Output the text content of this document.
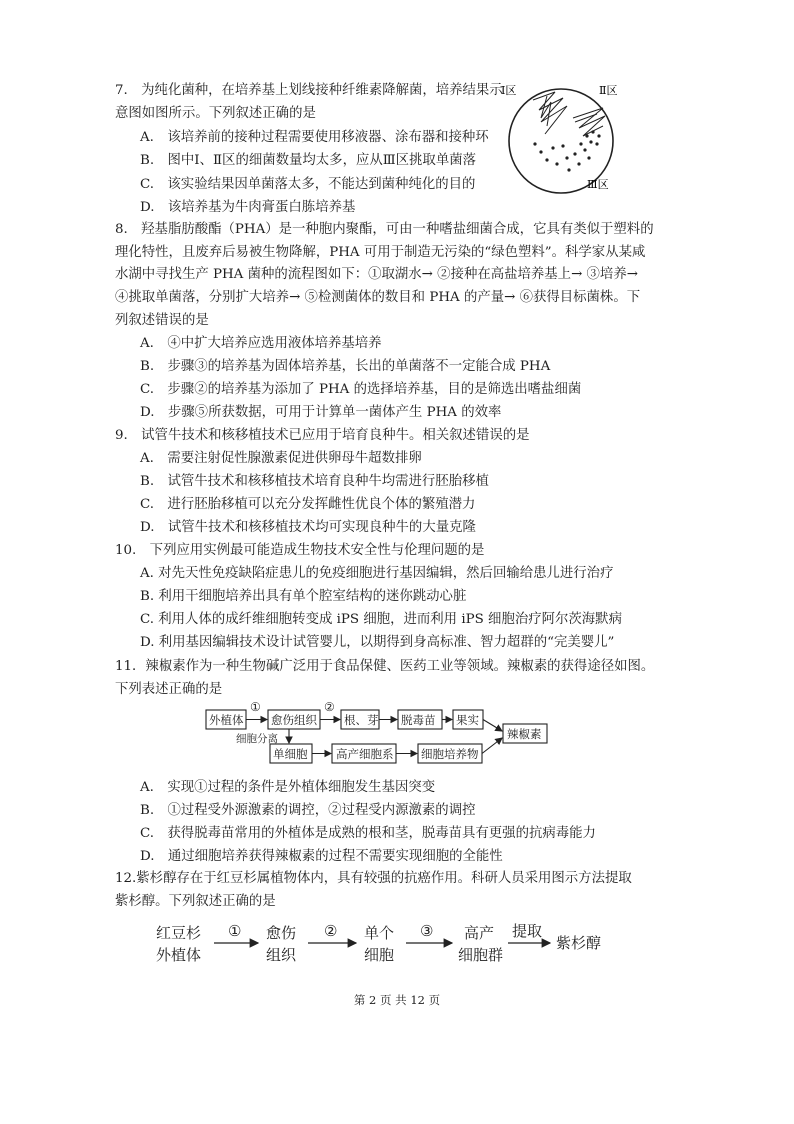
7.　为纯化菌种，在培养基上划线接种纤维素降解菌，培养结果示
意图如图所示。下列叙述正确的是
A.　该培养前的接种过程需要使用移液器、涂布器和接种环
B.　图中Ⅰ、Ⅱ区的细菌数量均太多，应从Ⅲ区挑取单菌落
C.　该实验结果因单菌落太多，不能达到菌种纯化的目的
D.　该培养基为牛肉膏蛋白胨培养基
Ⅰ区	Ⅱ区
Ⅲ区
8.　羟基脂肪酸酯（PHA）是一种胞内聚酯，可由一种嗜盐细菌合成，它具有类似于塑料的
理化特性，且废弃后易被生物降解，PHA 可用于制造无污染的“绿色塑料”。科学家从某咸
水湖中寻找生产 PHA 菌种的流程图如下：①取湖水→ ②接种在高盐培养基上→ ③培养→
④挑取单菌落，分别扩大培养→ ⑤检测菌体的数目和 PHA 的产量→ ⑥获得目标菌株。下
列叙述错误的是
A.　④中扩大培养应选用液体培养基培养
B.　步骤③的培养基为固体培养基，长出的单菌落不一定能合成 PHA
C.　步骤②的培养基为添加了 PHA 的选择培养基，目的是筛选出嗜盐细菌
D.　步骤⑤所获数据，可用于计算单一菌体产生 PHA 的效率
9.　试管牛技术和核移植技术已应用于培育良种牛。相关叙述错误的是
A.　需要注射促性腺激素促进供卵母牛超数排卵
B.　试管牛技术和核移植技术培育良种牛均需进行胚胎移植
C.　进行胚胎移植可以充分发挥雌性优良个体的繁殖潜力
D.　试管牛技术和核移植技术均可实现良种牛的大量克隆
10.　下列应用实例最可能造成生物技术安全性与伦理问题的是
A. 对先天性免疫缺陷症患儿的免疫细胞进行基因编辑，然后回输给患儿进行治疗
B. 利用干细胞培养出具有单个腔室结构的迷你跳动心脏
C. 利用人体的成纤维细胞转变成 iPS 细胞，进而利用 iPS 细胞治疗阿尔茨海默病
D. 利用基因编辑技术设计试管婴儿，以期得到身高标准、智力超群的“完美婴儿”
11．辣椒素作为一种生物碱广泛用于食品保健、医药工业等领域。辣椒素的获得途径如图。
下列表述正确的是
外植体 愈伤组织 根、芽 脱毒苗 果实
辣椒素
单细胞 高产细胞系 细胞培养物
①	②
细胞分离
A.　实现①过程的条件是外植体细胞发生基因突变
B.　①过程受外源激素的调控，②过程受内源激素的调控
C.　获得脱毒苗常用的外植体是成熟的根和茎，脱毒苗具有更强的抗病毒能力
D.　通过细胞培养获得辣椒素的过程不需要实现细胞的全能性
12.紫杉醇存在于红豆杉属植物体内，具有较强的抗癌作用。科研人员采用图示方法提取
紫杉醇。下列叙述正确的是
红豆杉
外植体
愈伤
组织
单个
细胞
高产
细胞群
紫杉醇
①	②	③	提取
第 2 页 共 12 页
